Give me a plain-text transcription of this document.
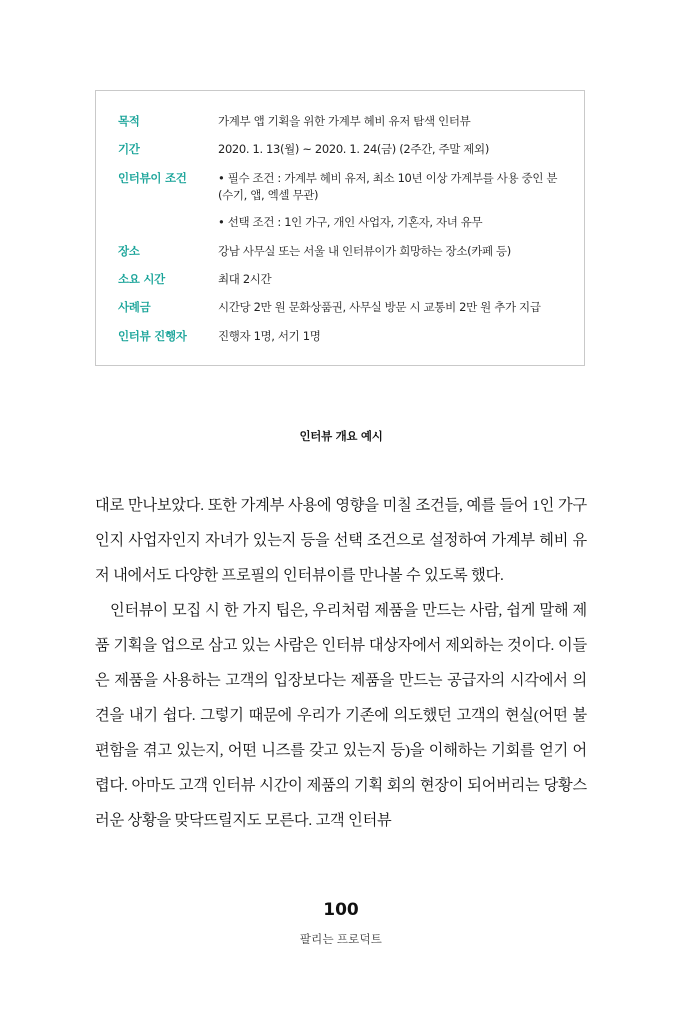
목적	가계부 앱 기획을 위한 가계부 헤비 유저 탐색 인터뷰
기간	2020. 1. 13(월) ~ 2020. 1. 24(금) (2주간, 주말 제외)
인터뷰이 조건	• 필수 조건 : 가계부 헤비 유저, 최소 10년 이상 가계부를 사용 중인 분(수기, 앱, 엑셀 무관)
• 선택 조건 : 1인 가구, 개인 사업자, 기혼자, 자녀 유무
장소	강남 사무실 또는 서울 내 인터뷰이가 희망하는 장소(카페 등)
소요 시간	최대 2시간
사례금	시간당 2만 원 문화상품권, 사무실 방문 시 교통비 2만 원 추가 지급
인터뷰 진행자	진행자 1명, 서기 1명
인터뷰 개요 예시

대로 만나보았다. 또한 가계부 사용에 영향을 미칠 조건들, 예를 들어 1인 가구인지 사업자인지 자녀가 있는지 등을 선택 조건으로 설정하여 가계부 헤비 유저 내에서도 다양한 프로필의 인터뷰이를 만나볼 수 있도록 했다.

인터뷰이 모집 시 한 가지 팁은, 우리처럼 제품을 만드는 사람, 쉽게 말해 제품 기획을 업으로 삼고 있는 사람은 인터뷰 대상자에서 제외하는 것이다. 이들은 제품을 사용하는 고객의 입장보다는 제품을 만드는 공급자의 시각에서 의견을 내기 쉽다. 그렇기 때문에 우리가 기존에 의도했던 고객의 현실(어떤 불편함을 겪고 있는지, 어떤 니즈를 갖고 있는지 등)을 이해하는 기회를 얻기 어렵다. 아마도 고객 인터뷰 시간이 제품의 기획 회의 현장이 되어버리는 당황스러운 상황을 맞닥뜨릴지도 모른다. 고객 인터뷰

100
팔리는 프로덕트
